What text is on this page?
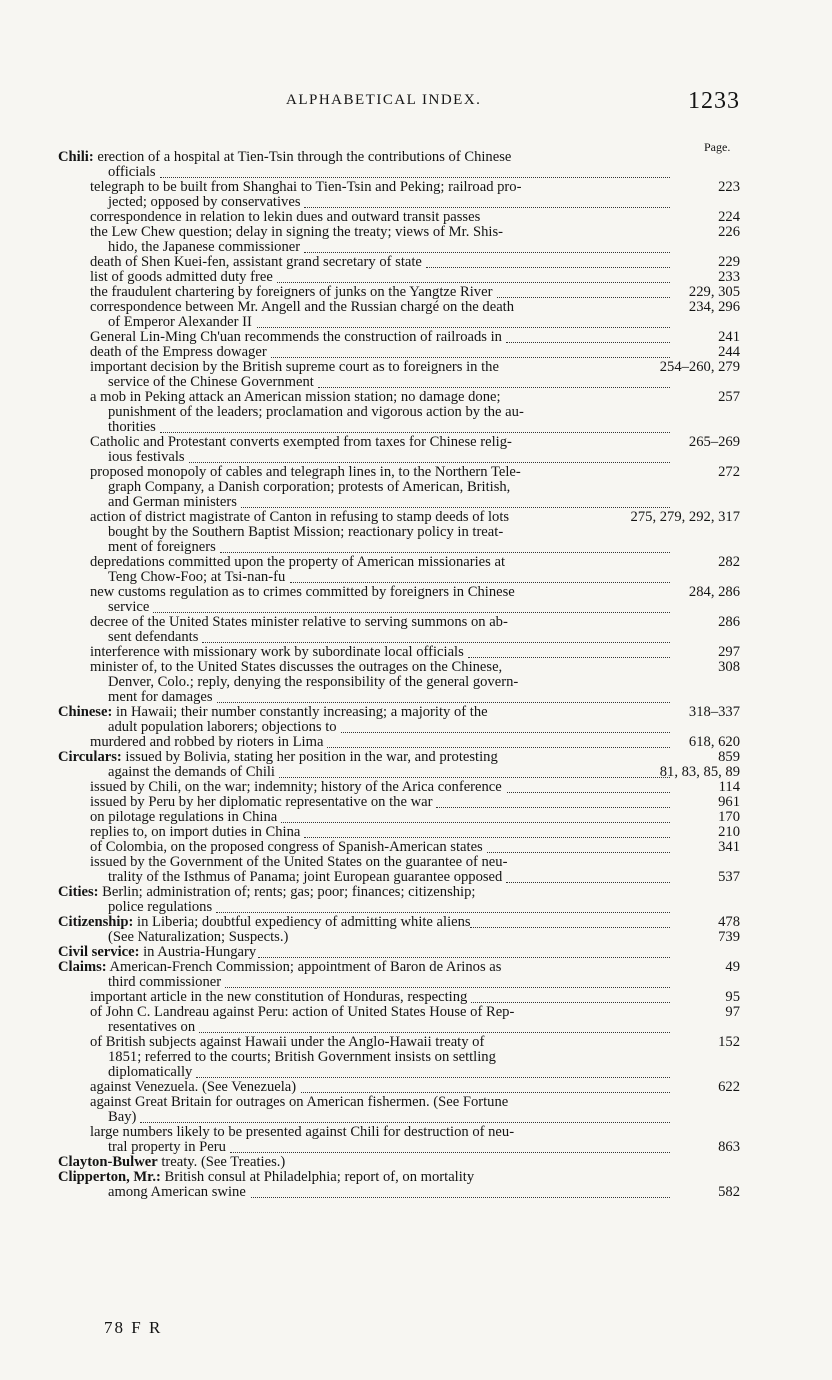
ALPHABETICAL INDEX.	1233
Page.
Chili: erection of a hospital at Tien-Tsin through the contributions of Chinese
officials
telegraph to be built from Shanghai to Tien-Tsin and Peking; railroad pro-	223
jected; opposed by conservatives
correspondence in relation to lekin dues and outward transit passes	224
the Lew Chew question; delay in signing the treaty; views of Mr. Shis-	226
hido, the Japanese commissioner
death of Shen Kuei-fen, assistant grand secretary of state	229
list of goods admitted duty free	233
the fraudulent chartering by foreigners of junks on the Yangtze River	229, 305
correspondence between Mr. Angell and the Russian chargé on the death	234, 296
of Emperor Alexander II
General Lin-Ming Ch'uan recommends the construction of railroads in	241
death of the Empress dowager	244
important decision by the British supreme court as to foreigners in the	254–260, 279
service of the Chinese Government
a mob in Peking attack an American mission station; no damage done;	257
punishment of the leaders; proclamation and vigorous action by the au-
thorities
Catholic and Protestant converts exempted from taxes for Chinese relig-	265–269
ious festivals
proposed monopoly of cables and telegraph lines in, to the Northern Tele-	272
graph Company, a Danish corporation; protests of American, British,
and German ministers
action of district magistrate of Canton in refusing to stamp deeds of lots	275, 279, 292, 317
bought by the Southern Baptist Mission; reactionary policy in treat-
ment of foreigners
depredations committed upon the property of American missionaries at	282
Teng Chow-Foo; at Tsi-nan-fu
new customs regulation as to crimes committed by foreigners in Chinese	284, 286
service
decree of the United States minister relative to serving summons on ab-	286
sent defendants
interference with missionary work by subordinate local officials	297
minister of, to the United States discusses the outrages on the Chinese,	308
Denver, Colo.; reply, denying the responsibility of the general govern-
ment for damages
Chinese: in Hawaii; their number constantly increasing; a majority of the	318–337
adult population laborers; objections to
murdered and robbed by rioters in Lima	618, 620
Circulars: issued by Bolivia, stating her position in the war, and protesting	859
against the demands of Chili	81, 83, 85, 89
issued by Chili, on the war; indemnity; history of the Arica conference	114
issued by Peru by her diplomatic representative on the war	961
on pilotage regulations in China	170
replies to, on import duties in China	210
of Colombia, on the proposed congress of Spanish-American states	341
issued by the Government of the United States on the guarantee of neu-
trality of the Isthmus of Panama; joint European guarantee opposed	537
Cities: Berlin; administration of; rents; gas; poor; finances; citizenship;
police regulations
Citizenship: in Liberia; doubtful expediency of admitting white aliens	478
(See Naturalization; Suspects.)	739
Civil service: in Austria-Hungary
Claims: American-French Commission; appointment of Baron de Arinos as	49
third commissioner
important article in the new constitution of Honduras, respecting	95
of John C. Landreau against Peru: action of United States House of Rep-	97
resentatives on
of British subjects against Hawaii under the Anglo-Hawaii treaty of	152
1851; referred to the courts; British Government insists on settling
diplomatically
against Venezuela. (See Venezuela)	622
against Great Britain for outrages on American fishermen. (See Fortune
Bay)
large numbers likely to be presented against Chili for destruction of neu-
tral property in Peru	863
Clayton-Bulwer treaty. (See Treaties.)
Clipperton, Mr.: British consul at Philadelphia; report of, on mortality
among American swine	582
78 F R
